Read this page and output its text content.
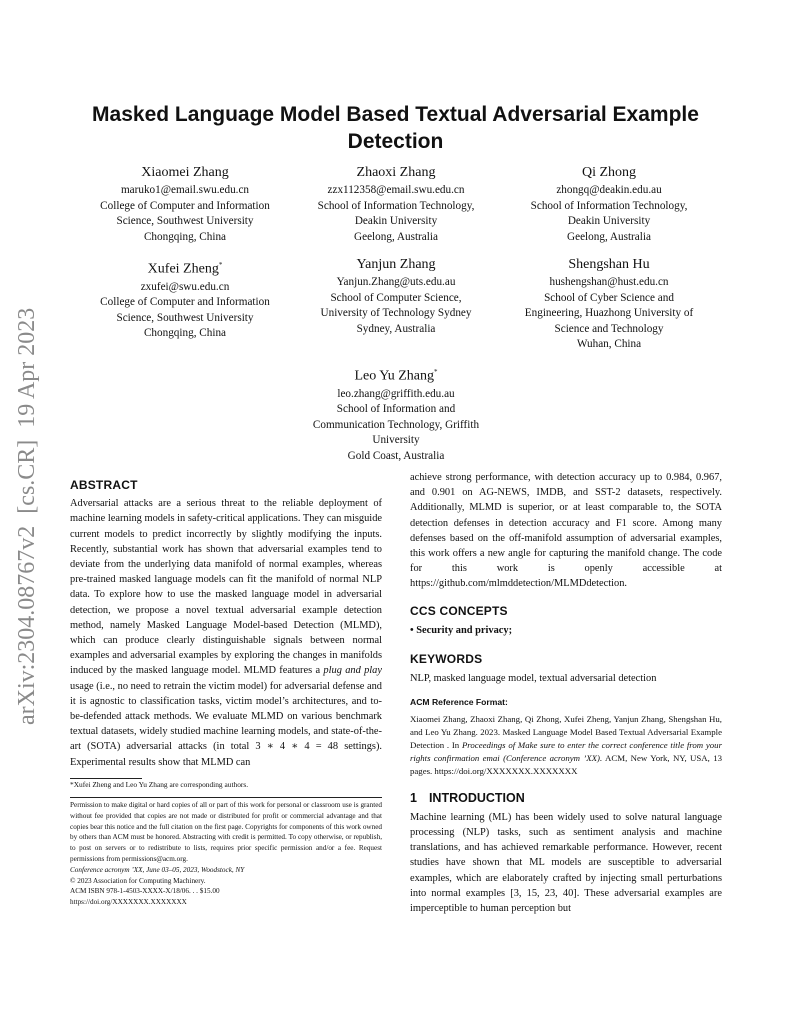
arXiv:2304.08767v2  [cs.CR]  19 Apr 2023
Masked Language Model Based Textual Adversarial Example
Detection
Xiaomei Zhang
maruko1@email.swu.edu.cn
College of Computer and Information
Science, Southwest University
Chongqing, China
Zhaoxi Zhang
zzx112358@email.swu.edu.cn
School of Information Technology,
Deakin University
Geelong, Australia
Qi Zhong
zhongq@deakin.edu.au
School of Information Technology,
Deakin University
Geelong, Australia
Xufei Zheng*
zxufei@swu.edu.cn
College of Computer and Information
Science, Southwest University
Chongqing, China
Yanjun Zhang
Yanjun.Zhang@uts.edu.au
School of Computer Science,
University of Technology Sydney
Sydney, Australia
Shengshan Hu
hushengshan@hust.edu.cn
School of Cyber Science and
Engineering, Huazhong University of
Science and Technology
Wuhan, China
Leo Yu Zhang*
leo.zhang@griffith.edu.au
School of Information and
Communication Technology, Griffith
University
Gold Coast, Australia
ABSTRACT

Adversarial attacks are a serious threat to the reliable deployment of machine learning models in safety-critical applications. They can misguide current models to predict incorrectly by slightly modifying the inputs. Recently, substantial work has shown that adversarial examples tend to deviate from the underlying data manifold of normal examples, whereas pre-trained masked language models can fit the manifold of normal NLP data. To explore how to use the masked language model in adversarial detection, we propose a novel textual adversarial example detection method, namely Masked Language Model-based Detection (MLMD), which can produce clearly distinguishable signals between normal examples and adversarial examples by exploring the changes in manifolds induced by the masked language model. MLMD features a plug and play usage (i.e., no need to retrain the victim model) for adversarial defense and it is agnostic to classification tasks, victim model’s architectures, and to-be-defended attack methods. We evaluate MLMD on various benchmark textual datasets, widely studied machine learning models, and state-of-the-art (SOTA) adversarial attacks (in total 3 ∗ 4 ∗ 4 = 48 settings). Experimental results show that MLMD can

*Xufei Zheng and Leo Yu Zhang are corresponding authors.
Permission to make digital or hard copies of all or part of this work for personal or classroom use is granted without fee provided that copies are not made or distributed for profit or commercial advantage and that copies bear this notice and the full citation on the first page. Copyrights for components of this work owned by others than ACM must be honored. Abstracting with credit is permitted. To copy otherwise, or republish, to post on servers or to redistribute to lists, requires prior specific permission and/or a fee. Request permissions from permissions@acm.org.
Conference acronym ’XX, June 03–05, 2023, Woodstock, NY
© 2023 Association for Computing Machinery.
ACM ISBN 978-1-4503-XXXX-X/18/06. . . $15.00
https://doi.org/XXXXXXX.XXXXXXX

achieve strong performance, with detection accuracy up to 0.984, 0.967, and 0.901 on AG-NEWS, IMDB, and SST-2 datasets, respectively. Additionally, MLMD is superior, or at least comparable to, the SOTA detection defenses in detection accuracy and F1 score. Among many defenses based on the off-manifold assumption of adversarial examples, this work offers a new angle for capturing the manifold change. The code for this work is openly accessible at https://github.com/mlmddetection/MLMDdetection.

CCS CONCEPTS
• Security and privacy;
KEYWORDS
NLP, masked language model, textual adversarial detection
ACM Reference Format:

Xiaomei Zhang, Zhaoxi Zhang, Qi Zhong, Xufei Zheng, Yanjun Zhang, Shengshan Hu, and Leo Yu Zhang. 2023. Masked Language Model Based Textual Adversarial Example Detection . In Proceedings of Make sure to enter the correct conference title from your rights confirmation emai (Conference acronym ’XX). ACM, New York, NY, USA, 13 pages. https://doi.org/XXXXXXX.XXXXXXX

1 INTRODUCTION

Machine learning (ML) has been widely used to solve natural language processing (NLP) tasks, such as sentiment analysis and machine translations, and has achieved remarkable performance. However, recent studies have shown that ML models are susceptible to adversarial examples, which are elaborately crafted by injecting small perturbations into normal examples [3, 15, 23, 40]. These adversarial examples are imperceptible to human perception but
